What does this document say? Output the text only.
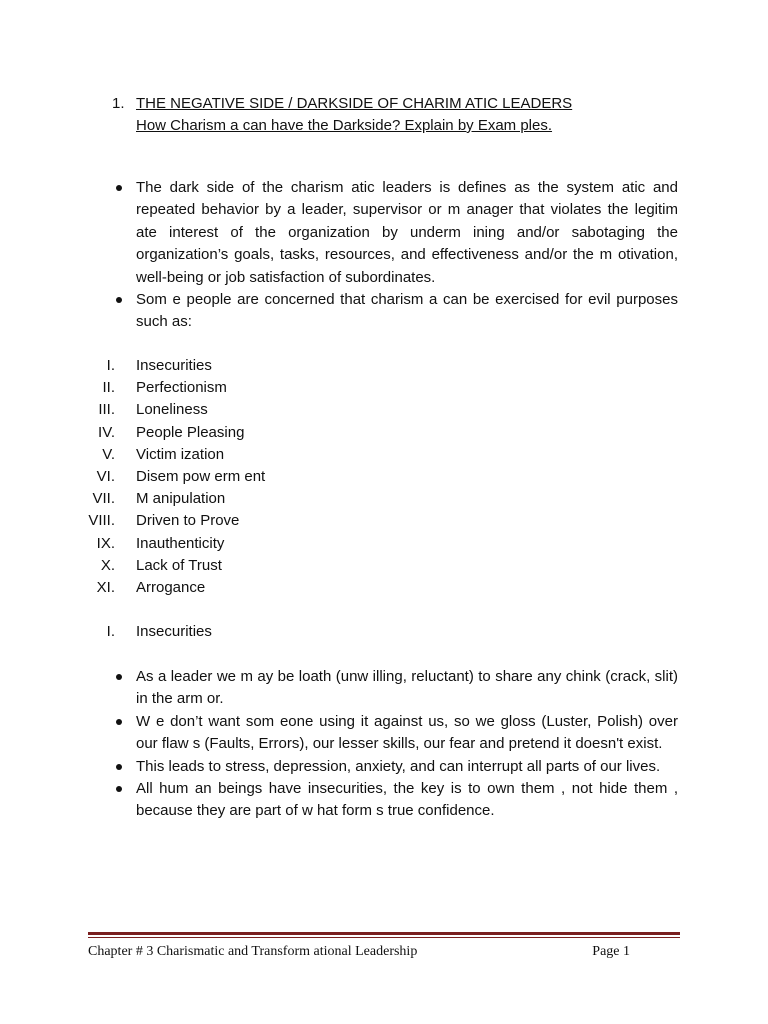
1. THE NEGATIVE SIDE / DARKSIDE OF CHARIM ATIC LEADERS
How Charism a can have the Darkside? Explain by Exam ples.
The dark side of the charism atic leaders is defines as the system atic and repeated behavior by a leader, supervisor or m anager that violates the legitim ate interest of the organization by underm ining and/or sabotaging the organization’s goals, tasks, resources, and effectiveness and/or the m otivation, well-being or job satisfaction of subordinates.
Som e people are concerned that charism a can be exercised for evil purposes such as:
I.	Insecurities
II.	Perfectionism
III.	Loneliness
IV.	People Pleasing
V.	Victim ization
VI.	Disem pow erm ent
VII.	M anipulation
VIII.	Driven to Prove
IX.	Inauthenticity
X.	Lack of Trust
XI.	Arrogance
I.	Insecurities
As a leader we m ay be loath (unw illing, reluctant) to share any chink (crack, slit) in the arm or.
W e don’t want som eone using it against us, so we gloss (Luster, Polish) over our flaw s (Faults, Errors), our lesser skills, our fear and pretend it doesn't exist.
This leads to stress, depression, anxiety, and can interrupt all parts of our lives.
All hum an beings have insecurities, the key is to own them , not hide them , because they are part of w hat form s true confidence.
Chapter # 3 Charismatic and Transform ational Leadership	Page 1
